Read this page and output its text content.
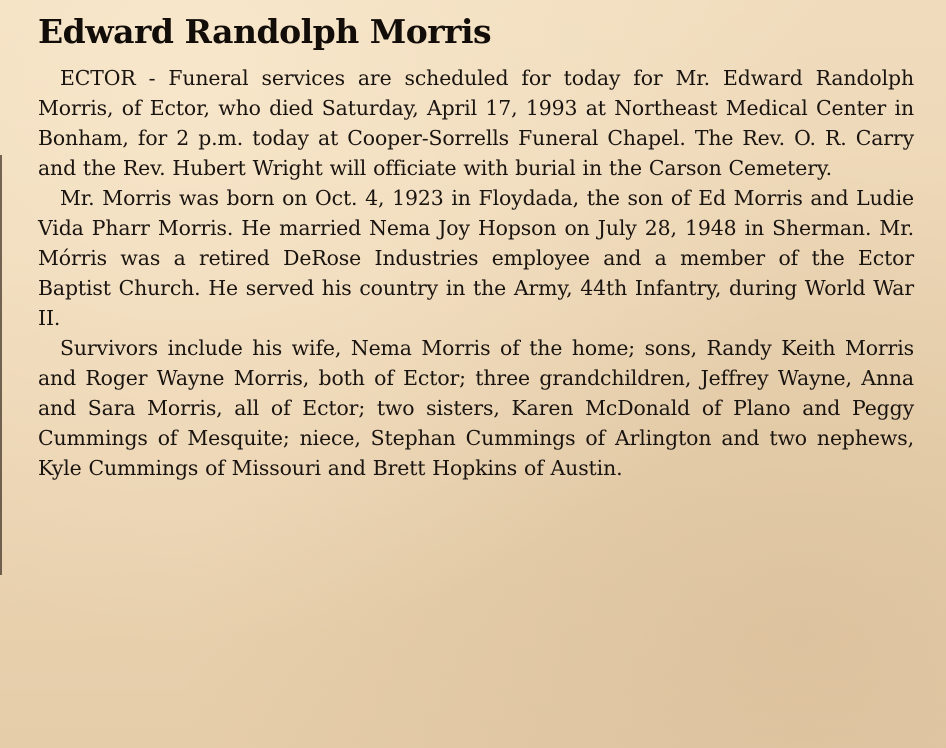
Edward Randolph Morris

ECTOR - Funeral services are scheduled for today for Mr. Edward Randolph Morris, of Ector, who died Saturday, April 17, 1993 at Northeast Medical Center in Bonham, for 2 p.m. today at Cooper-Sorrells Funeral Chapel. The Rev. O. R. Carry and the Rev. Hubert Wright will officiate with burial in the Carson Cemetery.

Mr. Morris was born on Oct. 4, 1923 in Floydada, the son of Ed Morris and Ludie Vida Pharr Morris. He married Nema Joy Hopson on July 28, 1948 in Sherman. Mr. Mórris was a retired DeRose Industries employee and a member of the Ector Baptist Church. He served his country in the Army, 44th Infantry, during World War II.

Survivors include his wife, Nema Morris of the home; sons, Randy Keith Morris and Roger Wayne Morris, both of Ector; three grandchildren, Jeffrey Wayne, Anna and Sara Morris, all of Ector; two sisters, Karen McDonald of Plano and Peggy Cummings of Mesquite; niece, Stephan Cummings of Arlington and two nephews, Kyle Cummings of Missouri and Brett Hopkins of Austin.
